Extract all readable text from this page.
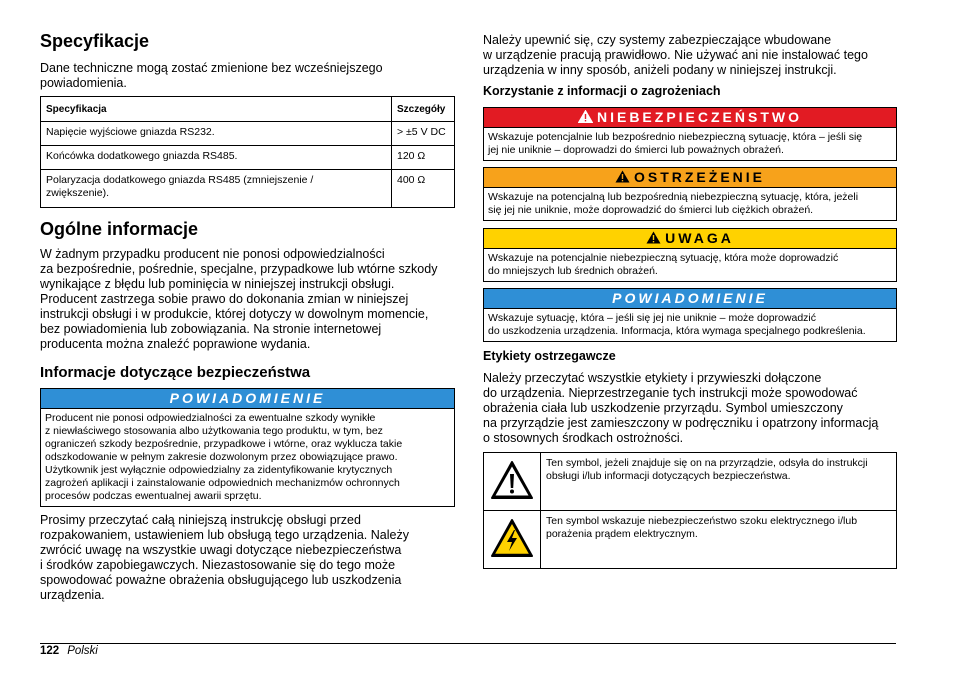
Specyfikacje
Dane techniczne mogą zostać zmienione bez wcześniejszego
powiadomienia.
Specyfikacja	Szczegóły
Napięcie wyjściowe gniazda RS232.	> ±5 V DC
Końcówka dodatkowego gniazda RS485.	120 Ω

Polaryzacja dodatkowego gniazda RS485 (zmniejszenie /
zwiększenie).	400 Ω
Ogólne informacje
W żadnym przypadku producent nie ponosi odpowiedzialności
za bezpośrednie, pośrednie, specjalne, przypadkowe lub wtórne szkody
wynikające z błędu lub pominięcia w niniejszej instrukcji obsługi.
Producent zastrzega sobie prawo do dokonania zmian w niniejszej
instrukcji obsługi i w produkcie, której dotyczy w dowolnym momencie,
bez powiadomienia lub zobowiązania. Na stronie internetowej
producenta można znaleźć poprawione wydania.
Informacje dotyczące bezpieczeństwa
POWIADOMIENIE
Producent nie ponosi odpowiedzialności za ewentualne szkody wynikłe
z niewłaściwego stosowania albo użytkowania tego produktu, w tym, bez
ograniczeń szkody bezpośrednie, przypadkowe i wtórne, oraz wyklucza takie
odszkodowanie w pełnym zakresie dozwolonym przez obowiązujące prawo.
Użytkownik jest wyłącznie odpowiedzialny za zidentyfikowanie krytycznych
zagrożeń aplikacji i zainstalowanie odpowiednich mechanizmów ochronnych
procesów podczas ewentualnej awarii sprzętu.
Prosimy przeczytać całą niniejszą instrukcję obsługi przed
rozpakowaniem, ustawieniem lub obsługą tego urządzenia. Należy
zwrócić uwagę na wszystkie uwagi dotyczące niebezpieczeństwa
i środków zapobiegawczych. Niezastosowanie się do tego może
spowodować poważne obrażenia obsługującego lub uszkodzenia
urządzenia.
Należy upewnić się, czy systemy zabezpieczające wbudowane
w urządzenie pracują prawidłowo. Nie używać ani nie instalować tego
urządzenia w inny sposób, aniżeli podany w niniejszej instrukcji.
Korzystanie z informacji o zagrożeniach
NIEBEZPIECZEŃSTWO
Wskazuje potencjalnie lub bezpośrednio niebezpieczną sytuację, która – jeśli się
jej nie uniknie – doprowadzi do śmierci lub poważnych obrażeń.
OSTRZEŻENIE
Wskazuje na potencjalną lub bezpośrednią niebezpieczną sytuację, która, jeżeli
się jej nie uniknie, może doprowadzić do śmierci lub ciężkich obrażeń.
UWAGA
Wskazuje na potencjalnie niebezpieczną sytuację, która może doprowadzić
do mniejszych lub średnich obrażeń.
POWIADOMIENIE
Wskazuje sytuację, która – jeśli się jej nie uniknie – może doprowadzić
do uszkodzenia urządzenia. Informacja, która wymaga specjalnego podkreślenia.
Etykiety ostrzegawcze
Należy przeczytać wszystkie etykiety i przywieszki dołączone
do urządzenia. Nieprzestrzeganie tych instrukcji może spowodować
obrażenia ciała lub uszkodzenie przyrządu. Symbol umieszczony
na przyrządzie jest zamieszczony w podręczniku i opatrzony informacją
o stosownych środkach ostrożności.

Ten symbol, jeżeli znajduje się on na przyrządzie, odsyła do instrukcji
obsługi i/lub informacji dotyczących bezpieczeństwa.

Ten symbol wskazuje niebezpieczeństwo szoku elektrycznego i/lub
porażenia prądem elektrycznym.
122 Polski
